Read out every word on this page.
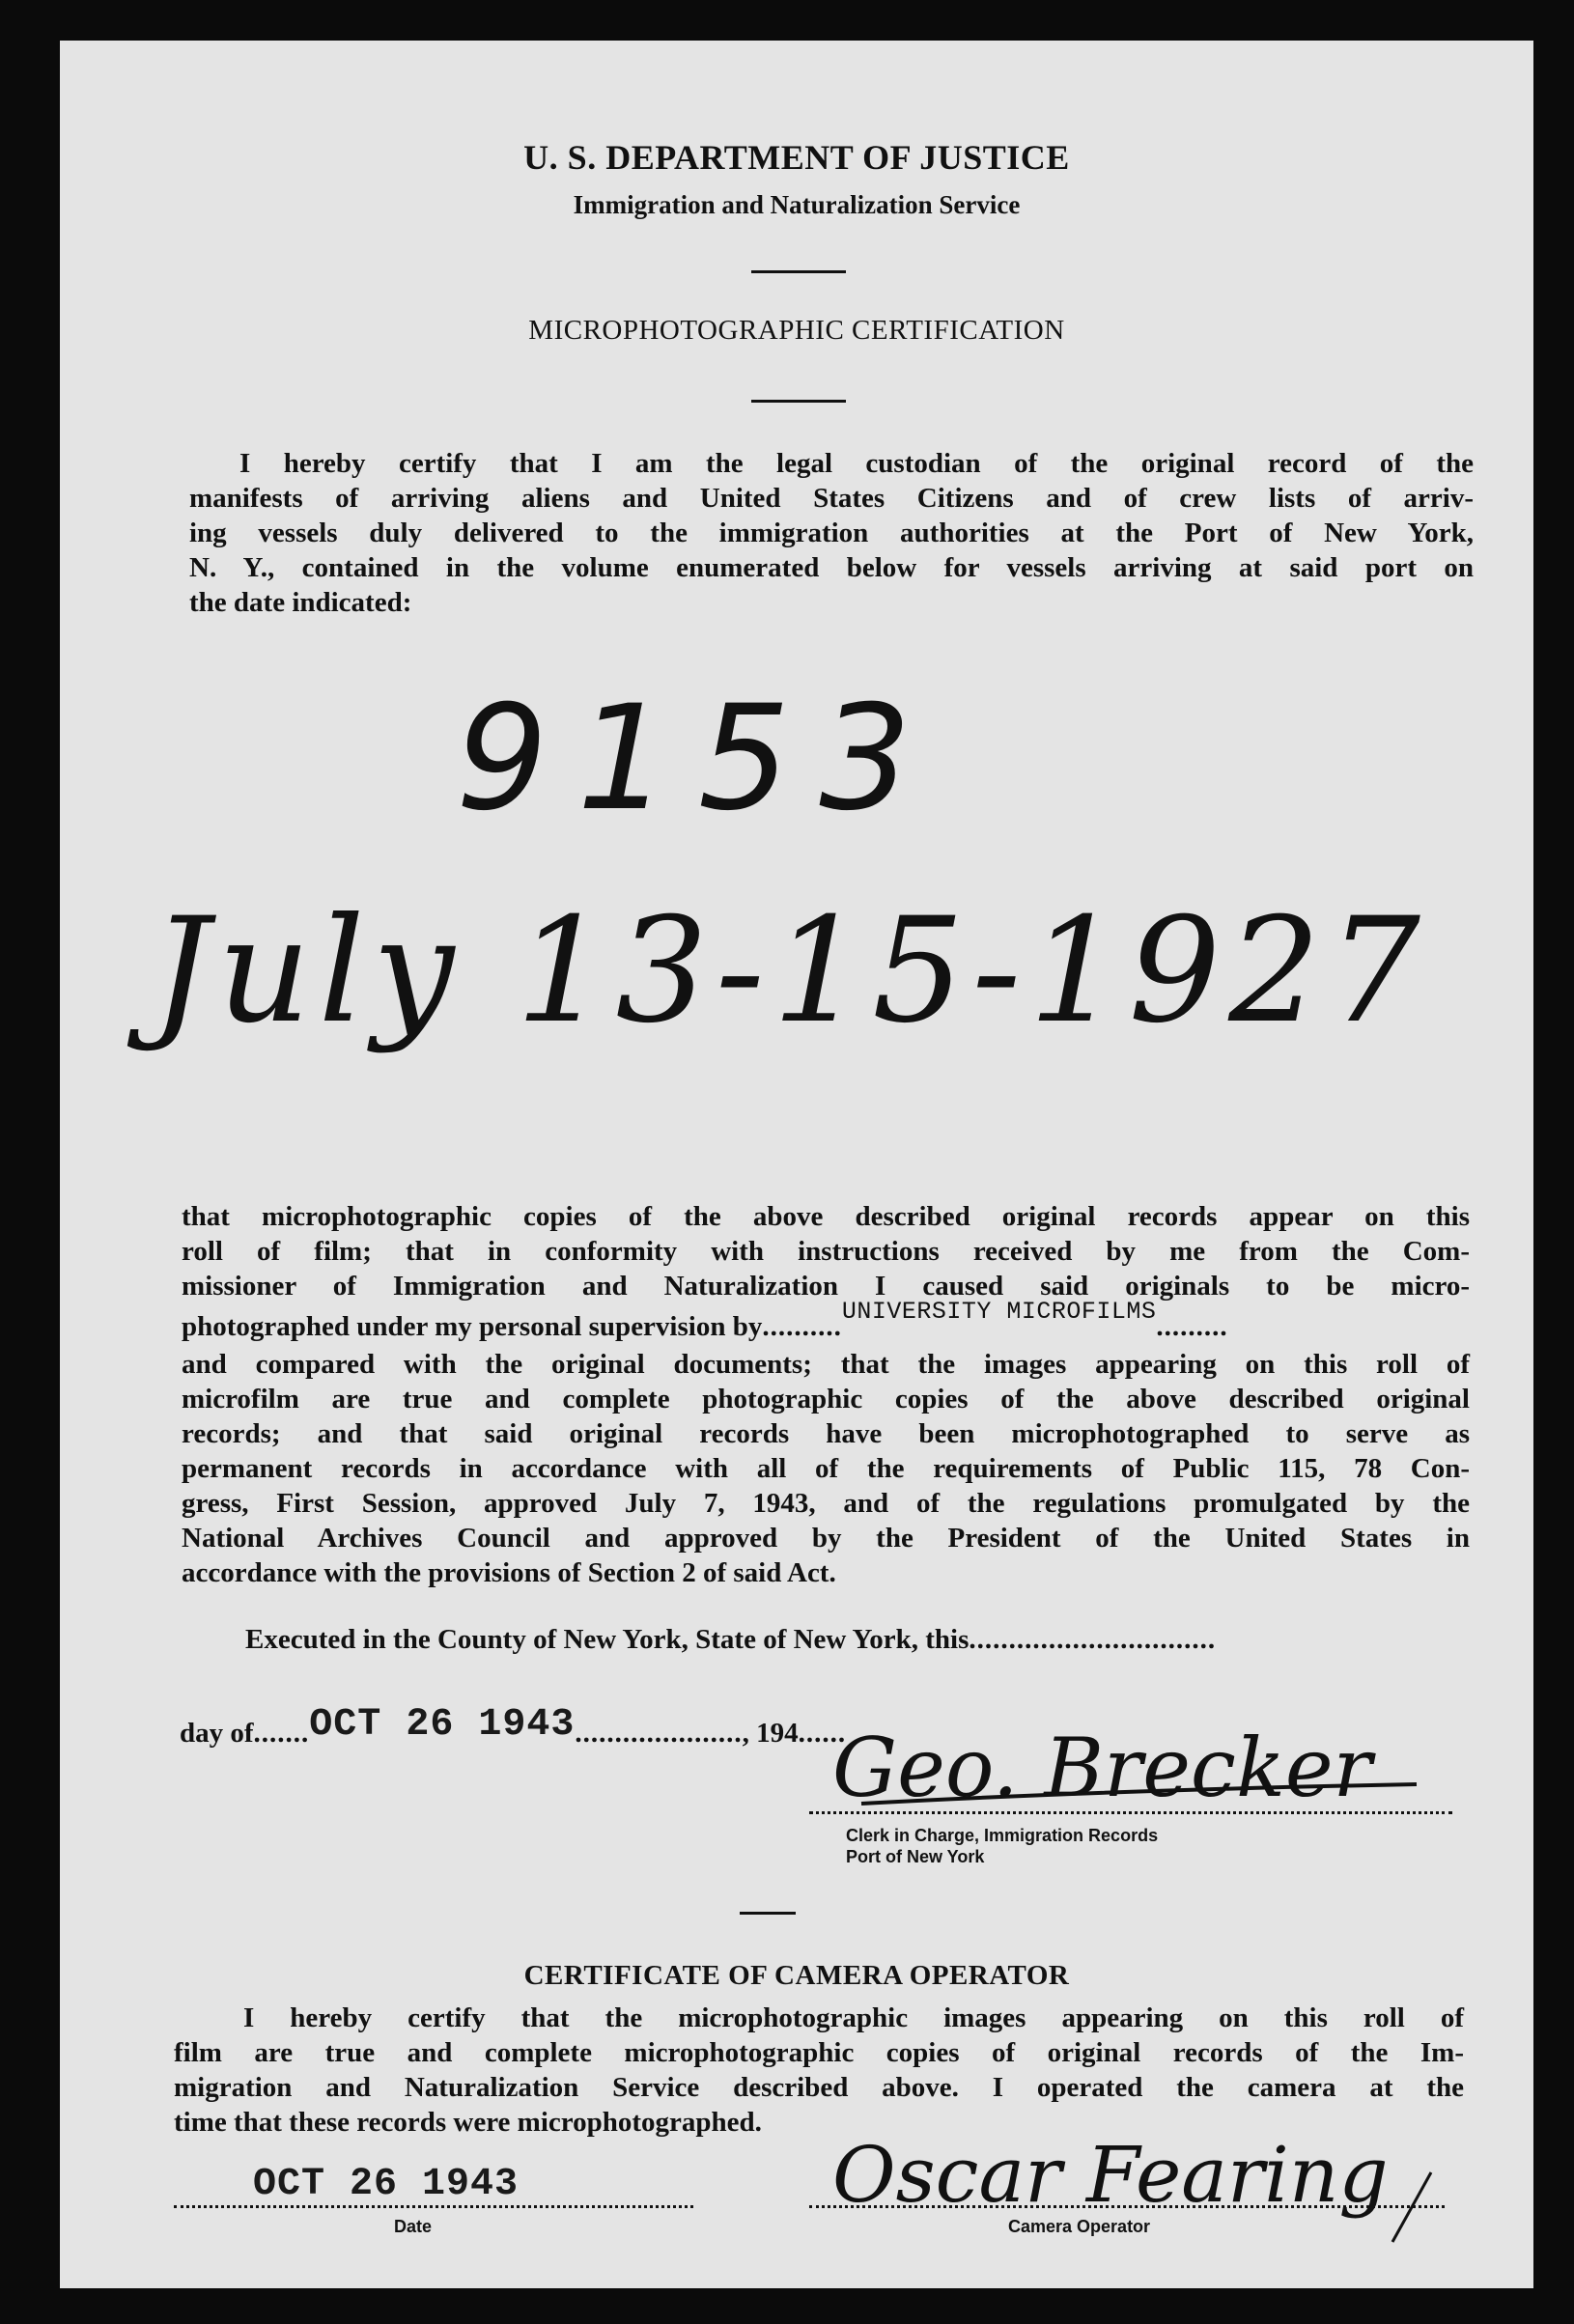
U. S. DEPARTMENT OF JUSTICE
Immigration and Naturalization Service
MICROPHOTOGRAPHIC CERTIFICATION
I hereby certify that I am the legal custodian of the original record of the
manifests of arriving aliens and United States Citizens and of crew lists of arriv-
ing vessels duly delivered to the immigration authorities at the Port of New York,
N. Y., contained in the volume enumerated below for vessels arriving at said port on
the date indicated:
9153
July 13-15-1927
that microphotographic copies of the above described original records appear on this
roll of film; that in conformity with instructions received by me from the Com-
missioner of Immigration and Naturalization I caused said originals to be micro-
photographed under my personal supervision by..........UNIVERSITY MICROFILMS.........
and compared with the original documents; that the images appearing on this roll of
microfilm are true and complete photographic copies of the above described original
records; and that said original records have been microphotographed to serve as
permanent records in accordance with all of the requirements of Public 115, 78 Con-
gress, First Session, approved July 7, 1943, and of the regulations promulgated by the
National Archives Council and approved by the President of the United States in
accordance with the provisions of Section 2 of said Act.
Executed in the County of New York, State of New York, this...............................
day of.......OCT 26 1943....................., 194......
Geo. Brecker
Clerk in Charge, Immigration Records
Port of New York
CERTIFICATE OF CAMERA OPERATOR
I hereby certify that the microphotographic images appearing on this roll of
film are true and complete microphotographic copies of original records of the Im-
migration and Naturalization Service described above. I operated the camera at the
time that these records were microphotographed.
OCT 26 1943
Date
Oscar Fearing
Camera Operator
